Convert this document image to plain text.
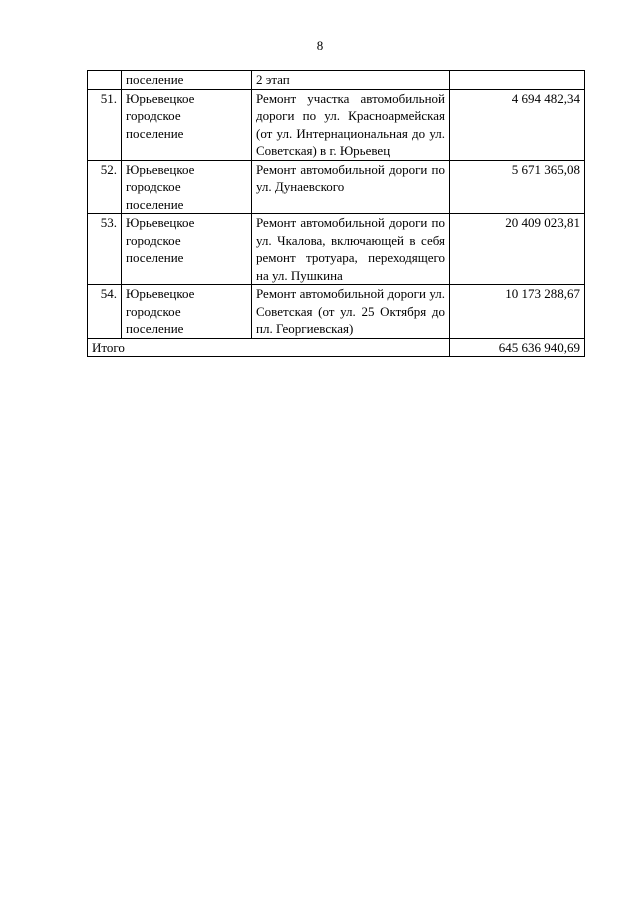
8
	поселение	2 этап	
51.	Юрьевецкое
городское
поселение	Ремонт участка автомобильной дороги по ул. Красноармейская (от ул. Интернациональная до ул. Советская) в г. Юрьевец	4 694 482,34
52.	Юрьевецкое
городское
поселение	Ремонт автомобильной дороги по ул. Дунаевского	5 671 365,08
53.	Юрьевецкое
городское
поселение	Ремонт автомобильной дороги по ул. Чкалова, включающей в себя ремонт тротуара, переходящего на ул. Пушкина	20 409 023,81
54.	Юрьевецкое
городское
поселение	Ремонт автомобильной дороги ул. Советская (от ул. 25 Октября до пл. Георгиевская)	10 173 288,67
Итого			645 636 940,69
